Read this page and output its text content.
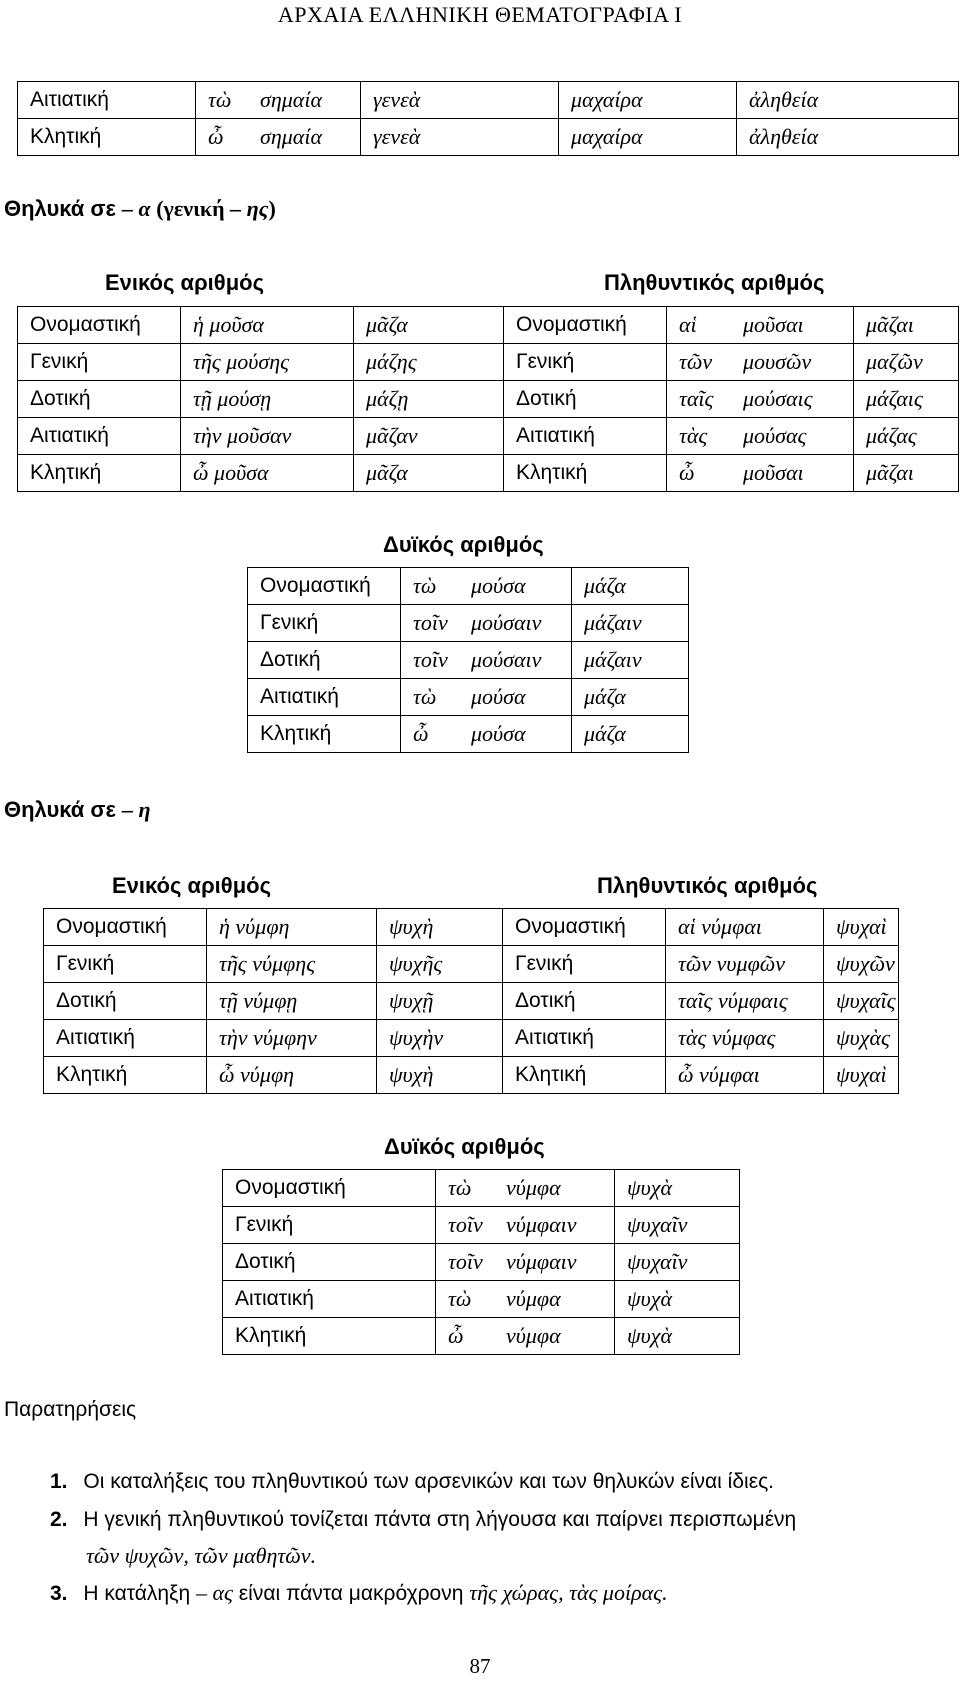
ΑΡΧΑΙΑ ΕΛΛΗΝΙΚΗ ΘΕΜΑΤΟΓΡΑΦΙΑ Ι
Αιτιατική	τὼ	σημαία	γενεὰ	μαχαίρα	ἀληθεία
Κλητική	ὦ	σημαία	γενεὰ	μαχαίρα	ἀληθεία
Θηλυκά σε – α (γενική – ης)
Ενικός αριθμός	Πληθυντικός αριθμός
Ονομαστική	ἡ μοῦσα	μᾶζα	Ονομαστική	αἱ	μοῦσαι	μᾶζαι
Γενική	τῆς μούσης	μάζης	Γενική	τῶν	μουσῶν	μαζῶν
Δοτική	τῇ μούσῃ	μάζῃ	Δοτική	ταῖς	μούσαις	μάζαις
Αιτιατική	τὴν μοῦσαν	μᾶζαν	Αιτιατική	τὰς	μούσας	μάζας
Κλητική	ὦ μοῦσα	μᾶζα	Κλητική	ὦ	μοῦσαι	μᾶζαι
Δυϊκός αριθμός
Ονομαστική	τὼ	μούσα	μάζα
Γενική	τοῖν	μούσαιν	μάζαιν
Δοτική	τοῖν	μούσαιν	μάζαιν
Αιτιατική	τὼ	μούσα	μάζα
Κλητική	ὦ	μούσα	μάζα
Θηλυκά σε – η
Ενικός αριθμός	Πληθυντικός αριθμός
Ονομαστική	ἡ νύμφη	ψυχὴ	Ονομαστική	αἱ νύμφαι	ψυχαὶ
Γενική	τῆς νύμφης	ψυχῆς	Γενική	τῶν νυμφῶν	ψυχῶν
Δοτική	τῇ νύμφῃ	ψυχῇ	Δοτική	ταῖς νύμφαις	ψυχαῖς
Αιτιατική	τὴν νύμφην	ψυχὴν	Αιτιατική	τὰς νύμφας	ψυχὰς
Κλητική	ὦ νύμφη	ψυχὴ	Κλητική	ὦ νύμφαι	ψυχαὶ
Δυϊκός αριθμός
Ονομαστική	τὼ	νύμφα	ψυχὰ
Γενική	τοῖν	νύμφαιν	ψυχαῖν
Δοτική	τοῖν	νύμφαιν	ψυχαῖν
Αιτιατική	τὼ	νύμφα	ψυχὰ
Κλητική	ὦ	νύμφα	ψυχὰ
Παρατηρήσεις
1. Οι καταλήξεις του πληθυντικού των αρσενικών και των θηλυκών είναι ίδιες.
2. Η γενική πληθυντικού τονίζεται πάντα στη λήγουσα και παίρνει περισπωμένη
τῶν ψυχῶν, τῶν μαθητῶν.
3. Η κατάληξη – ας είναι πάντα μακρόχρονη τῆς χώρας, τὰς μοίρας.
87
